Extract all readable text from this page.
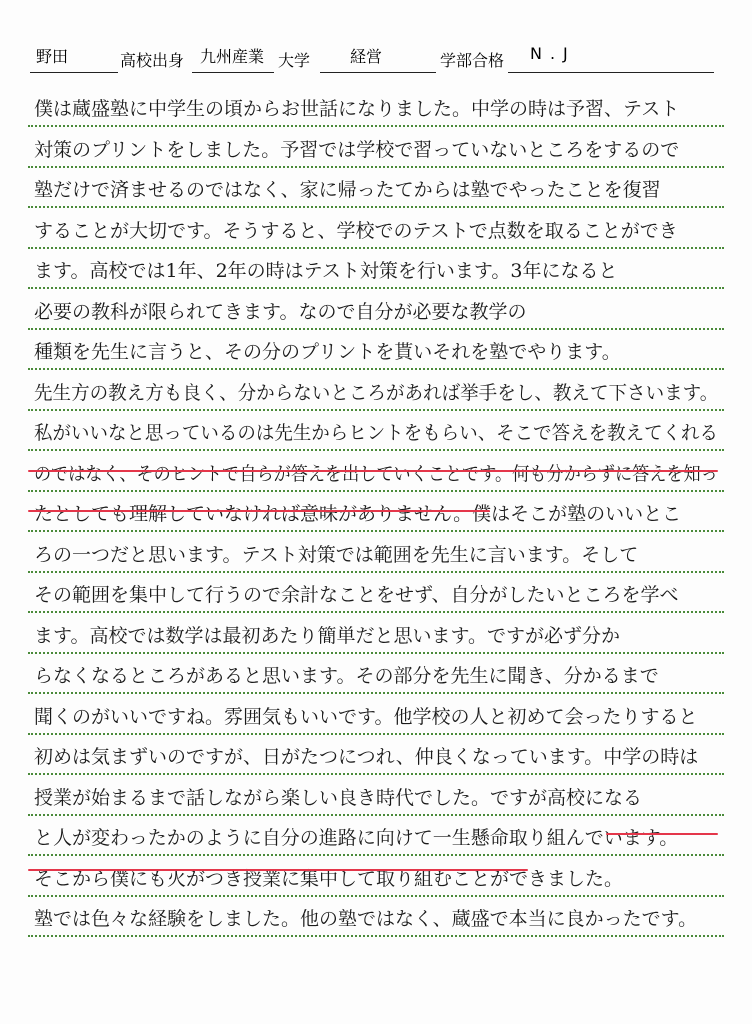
野田	高校出身 九州産業 大学 経営	学部合格 N.J
僕は蔵盛塾に中学生の頃からお世話になりました。中学の時は予習、テスト
対策のプリントをしました。予習では学校で習っていないところをするので
塾だけで済ませるのではなく、家に帰ったてからは塾でやったことを復習
することが大切です。そうすると、学校でのテストで点数を取ることができ
ます。高校では1年、2年の時はテスト対策を行います。3年になると
必要の教科が限られてきます。なので自分が必要な教学の
種類を先生に言うと、その分のプリントを貰いそれを塾でやります。
先生方の教え方も良く、分からないところがあれば挙手をし、教えて下さいます。
私がいいなと思っているのは先生からヒントをもらい、そこで答えを教えてくれる
のではなく、そのヒントで自らが答えを出していくことです。何も分からずに答えを知っ
たとしても理解していなければ意味がありません。僕はそこが塾のいいとこ
ろの一つだと思います。テスト対策では範囲を先生に言います。そして
その範囲を集中して行うので余計なことをせず、自分がしたいところを学べ
ます。高校では数学は最初あたり簡単だと思います。ですが必ず分か
らなくなるところがあると思います。その部分を先生に聞き、分かるまで
聞くのがいいですね。雰囲気もいいです。他学校の人と初めて会ったりすると
初めは気まずいのですが、日がたつにつれ、仲良くなっています。中学の時は
授業が始まるまで話しながら楽しい良き時代でした。ですが高校になる
と人が変わったかのように自分の進路に向けて一生懸命取り組んでいます。
そこから僕にも火がつき授業に集中して取り組むことができました。
塾では色々な経験をしました。他の塾ではなく、蔵盛で本当に良かったです。
